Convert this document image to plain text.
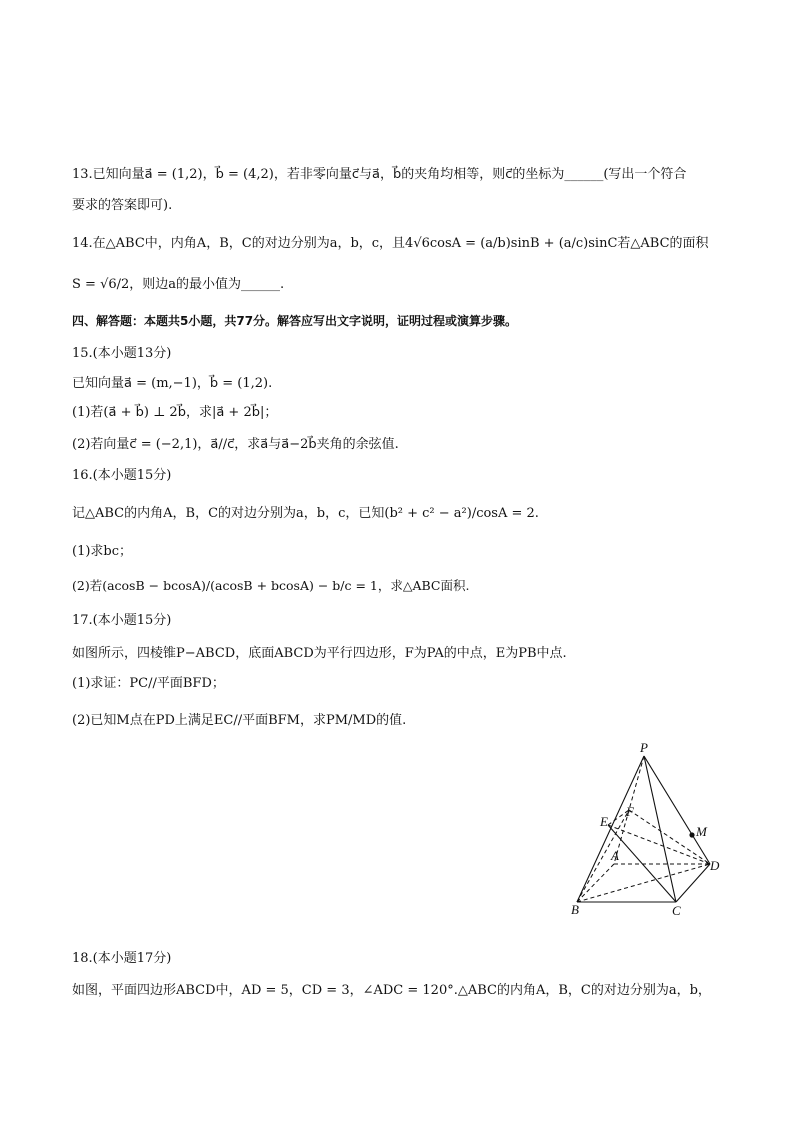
13.已知向量a⃗ = (1,2)，b⃗ = (4,2)，若非零向量c⃗与a⃗，b⃗的夹角均相等，则c⃗的坐标为______(写出一个符合
要求的答案即可).
14.在△ABC中，内角A，B，C的对边分别为a，b，c，且4√6cosA = (a/b)sinB + (a/c)sinC若△ABC的面积
S = √6/2，则边a的最小值为______.
四、解答题：本题共5小题，共77分。解答应写出文字说明，证明过程或演算步骤。
15.(本小题13分)
已知向量a⃗ = (m,−1)，b⃗ = (1,2).
(1)若(a⃗ + b⃗) ⊥ 2b⃗，求|a⃗ + 2b⃗|；
(2)若向量c⃗ = (−2,1)，a⃗//c⃗，求a⃗与a⃗−2b⃗夹角的余弦值.
16.(本小题15分)
记△ABC的内角A，B，C的对边分别为a，b，c，已知(b² + c² − a²)/cosA = 2.
(1)求bc；
(2)若(acosB − bcosA)/(acosB + bcosA) − b/c = 1，求△ABC面积.
17.(本小题15分)
如图所示，四棱锥P−ABCD，底面ABCD为平行四边形，F为PA的中点，E为PB中点.
(1)求证：PC//平面BFD；
(2)已知M点在PD上满足EC//平面BFM，求PM/MD的值.
P
E
F
M
A
D
B	C
18.(本小题17分)
如图，平面四边形ABCD中，AD = 5，CD = 3，∠ADC = 120°.△ABC的内角A，B，C的对边分别为a，b，
